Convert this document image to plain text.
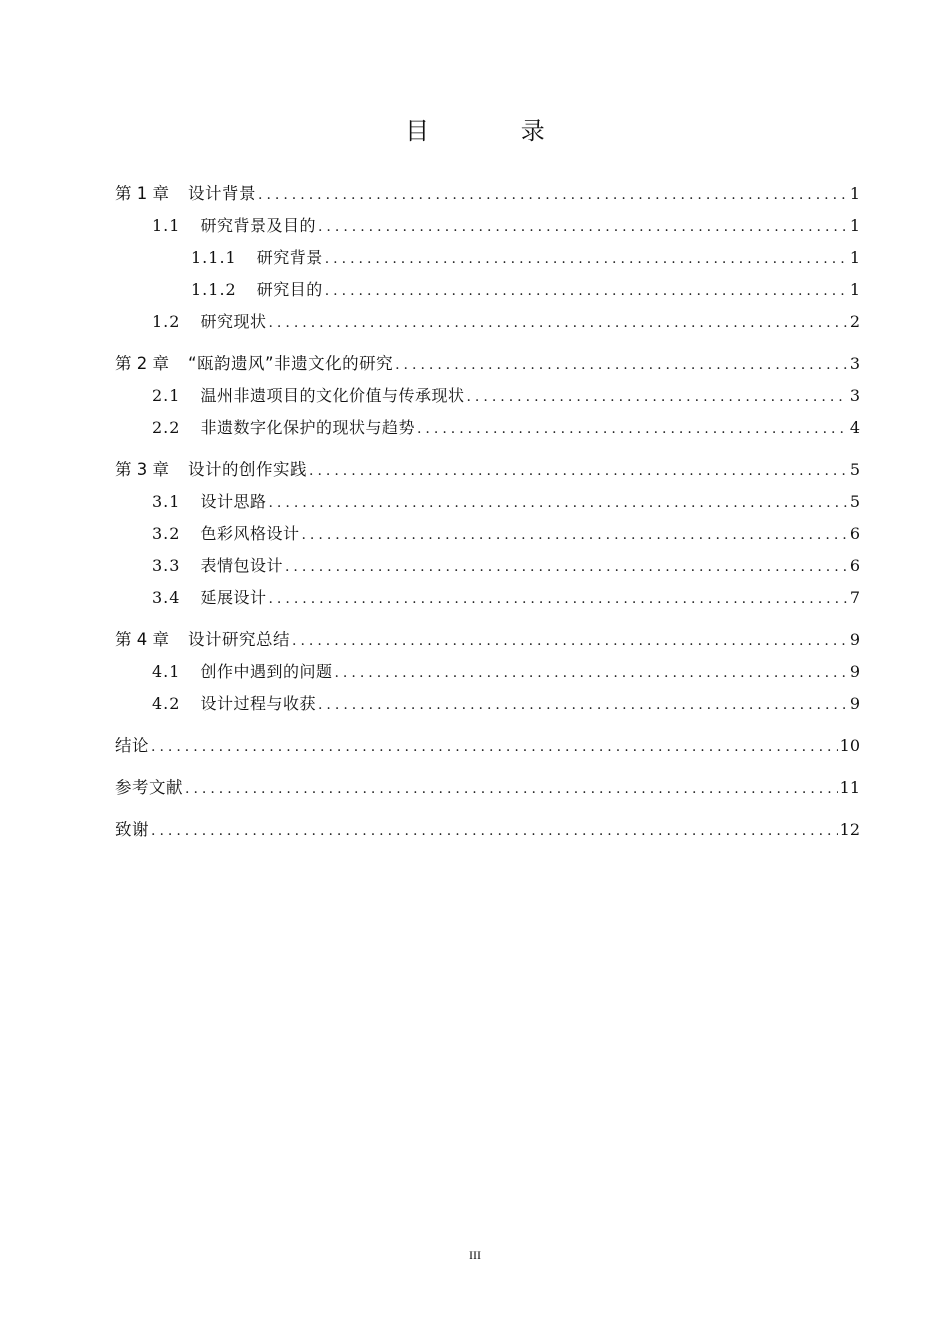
目 录
第 1 章 设计背景 .....	1
1.1 研究背景及目的 .....	1
1.1.1 研究背景 .....	1
1.1.2 研究目的 .....	1
1.2 研究现状 .....	2
第 2 章 “瓯韵遗风”非遗文化的研究 .....	3
2.1 温州非遗项目的文化价值与传承现状 .....	3
2.2 非遗数字化保护的现状与趋势 .....	4
第 3 章 设计的创作实践 .....	5
3.1 设计思路 .....	5
3.2 色彩风格设计 .....	6
3.3 表情包设计 .....	6
3.4 延展设计 .....	7
第 4 章 设计研究总结 .....	9
4.1 创作中遇到的问题 .....	9
4.2 设计过程与收获 .....	9
结论 .....	10
参考文献 .....	11
致谢 .....	12
III
